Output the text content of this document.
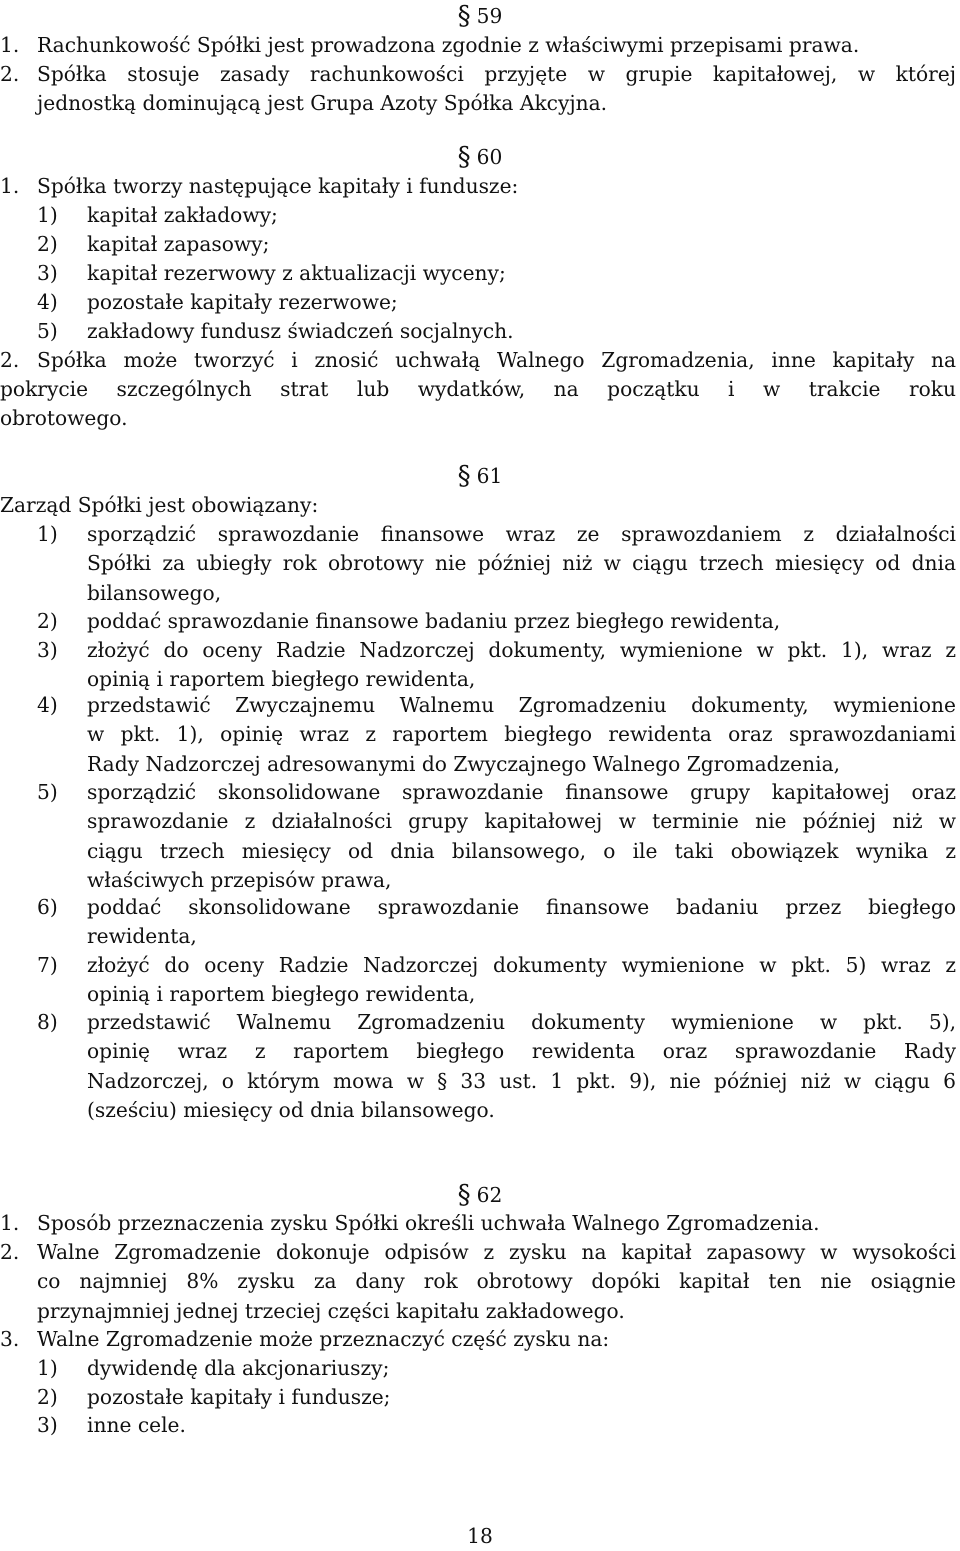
§ 59
1. Rachunkowość Spółki jest prowadzona zgodnie z właściwymi przepisami prawa.
2. Spółka stosuje zasady rachunkowości przyjęte w grupie kapitałowej, w której
jednostką dominującą jest Grupa Azoty Spółka Akcyjna.
§ 60
1. Spółka tworzy następujące kapitały i fundusze:
1)	kapitał zakładowy;
2)	kapitał zapasowy;
3)	kapitał rezerwowy z aktualizacji wyceny;
4)	pozostałe kapitały rezerwowe;
5)	zakładowy fundusz świadczeń socjalnych.
2. Spółka może tworzyć i znosić uchwałą Walnego Zgromadzenia, inne kapitały na
pokrycie szczególnych strat lub wydatków, na początku i w trakcie roku
obrotowego.
§ 61
Zarząd Spółki jest obowiązany:
1)	sporządzić sprawozdanie finansowe wraz ze sprawozdaniem z działalności
Spółki za ubiegły rok obrotowy nie później niż w ciągu trzech miesięcy od dnia
bilansowego,
2)	poddać sprawozdanie finansowe badaniu przez biegłego rewidenta,
3)	złożyć do oceny Radzie Nadzorczej dokumenty, wymienione w pkt. 1), wraz z
opinią i raportem biegłego rewidenta,
4)	przedstawić Zwyczajnemu Walnemu Zgromadzeniu dokumenty, wymienione
w pkt. 1), opinię wraz z raportem biegłego rewidenta oraz sprawozdaniami
Rady Nadzorczej adresowanymi do Zwyczajnego Walnego Zgromadzenia,
5)	sporządzić skonsolidowane sprawozdanie finansowe grupy kapitałowej oraz
sprawozdanie z działalności grupy kapitałowej w terminie nie później niż w
ciągu trzech miesięcy od dnia bilansowego, o ile taki obowiązek wynika z
właściwych przepisów prawa,
6)	poddać skonsolidowane sprawozdanie finansowe badaniu przez biegłego
rewidenta,
7)	złożyć do oceny Radzie Nadzorczej dokumenty wymienione w pkt. 5) wraz z
opinią i raportem biegłego rewidenta,
8)	przedstawić Walnemu Zgromadzeniu dokumenty wymienione w pkt. 5),
opinię wraz z raportem biegłego rewidenta oraz sprawozdanie Rady
Nadzorczej, o którym mowa w § 33 ust. 1 pkt. 9), nie później niż w ciągu 6
(sześciu) miesięcy od dnia bilansowego.
§ 62
1. Sposób przeznaczenia zysku Spółki określi uchwała Walnego Zgromadzenia.
2. Walne Zgromadzenie dokonuje odpisów z zysku na kapitał zapasowy w wysokości
co najmniej 8% zysku za dany rok obrotowy dopóki kapitał ten nie osiągnie
przynajmniej jednej trzeciej części kapitału zakładowego.
3. Walne Zgromadzenie może przeznaczyć część zysku na:
1)	dywidendę dla akcjonariuszy;
2)	pozostałe kapitały i fundusze;
3)	inne cele.
18
